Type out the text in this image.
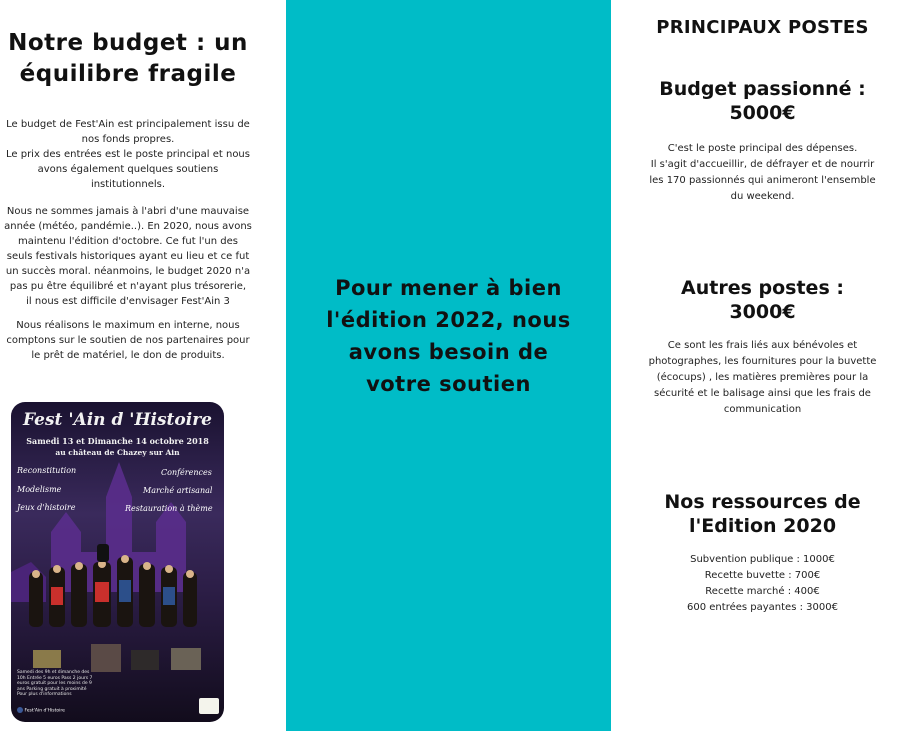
Notre budget : un
équilibre fragile

Le budget de Fest'Ain est principalement issu de
nos fonds propres.
Le prix des entrées est le poste principal et nous
avons également quelques soutiens
institutionnels.

Nous ne sommes jamais à l'abri d'une mauvaise
année (météo, pandémie..). En 2020, nous avons
maintenu l'édition d'octobre. Ce fut l'un des
seuls festivals historiques ayant eu lieu et ce fut
un succès moral. néanmoins, le budget 2020 n'a
pas pu être équilibré et n'ayant plus trésorerie,
il nous est difficile d'envisager Fest'Ain 3

Nous réalisons le maximum en interne, nous
comptons sur le soutien de nos partenaires pour
le prêt de matériel, le don de produits.

Fest 'Ain d 'Histoire

Samedi 13 et Dimanche 14 octobre 2018

au château de Chazey sur Ain

Reconstitution	Conférences
Modelisme	Marché artisanal
Jeux d'histoire	Restauration à thème

Samedi des 9h et dimanche des 10h Entrée 5 euros Pass 2 jours 7 euros gratuit pour les moins de 9 ans Parking gratuit à proximité Pour plus d'informations

Fest'Ain d'Histoire
Pour mener à bien
l'édition 2022, nous
avons besoin de
votre soutien
PRINCIPAUX POSTES
Budget passionné :
5000€

C'est le poste principal des dépenses.
Il s'agit d'accueillir, de défrayer et de nourrir
les 170 passionnés qui animeront l'ensemble
du weekend.

Autres postes :
3000€

Ce sont les frais liés aux bénévoles et
photographes, les fournitures pour la buvette
(écocups) , les matières premières pour la
sécurité et le balisage ainsi que les frais de
communication

Nos ressources de
l'Edition 2020
Subvention publique : 1000€
Recette buvette : 700€
Recette marché : 400€
600 entrées payantes : 3000€
